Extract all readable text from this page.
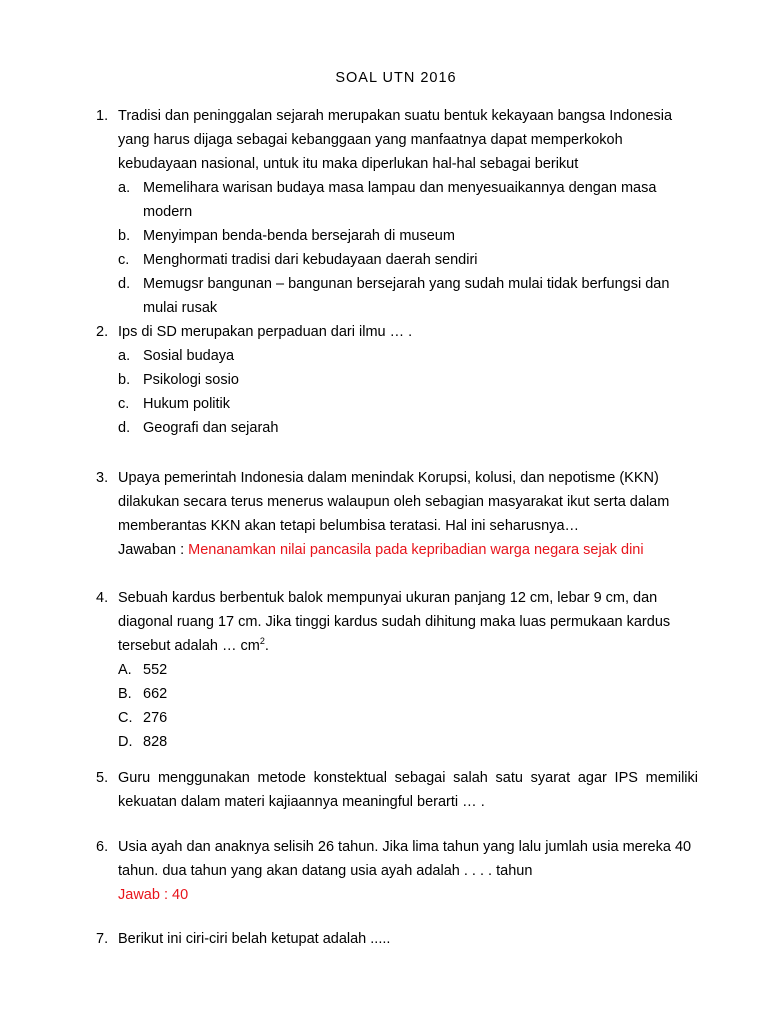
SOAL UTN 2016
1. Tradisi dan peninggalan sejarah merupakan suatu bentuk kekayaan bangsa Indonesia yang harus dijaga sebagai kebanggaan yang manfaatnya dapat memperkokoh kebudayaan nasional, untuk itu maka diperlukan hal-hal sebagai berikut
a. Memelihara warisan budaya masa lampau dan menyesuaikannya dengan masa modern
b. Menyimpan benda-benda bersejarah di museum
c. Menghormati tradisi dari kebudayaan daerah sendiri
d. Memugsr bangunan – bangunan bersejarah yang sudah mulai tidak berfungsi dan mulai rusak
2. Ips di SD merupakan perpaduan dari ilmu … .
a. Sosial budaya
b. Psikologi sosio
c. Hukum politik
d. Geografi dan sejarah
3. Upaya pemerintah Indonesia dalam menindak Korupsi, kolusi, dan nepotisme (KKN) dilakukan secara terus menerus walaupun oleh sebagian masyarakat ikut serta dalam memberantas KKN akan tetapi belumbisa teratasi. Hal ini seharusnya…
Jawaban : Menanamkan nilai pancasila pada kepribadian warga negara sejak dini
4. Sebuah kardus berbentuk balok mempunyai ukuran panjang 12 cm, lebar 9 cm, dan diagonal ruang 17 cm. Jika tinggi kardus sudah dihitung maka luas permukaan kardus tersebut adalah … $cm^2$.
A. 552
B. 662
C. 276
D. 828
5. Guru menggunakan metode konstektual sebagai salah satu syarat agar IPS memiliki kekuatan dalam materi kajiaannya meaningful berarti … .
6. Usia ayah dan anaknya selisih 26 tahun. Jika lima tahun yang lalu jumlah usia mereka 40 tahun. dua tahun yang akan datang usia ayah adalah . . . . tahun
Jawab : 40
7. Berikut ini ciri-ciri belah ketupat adalah .....
